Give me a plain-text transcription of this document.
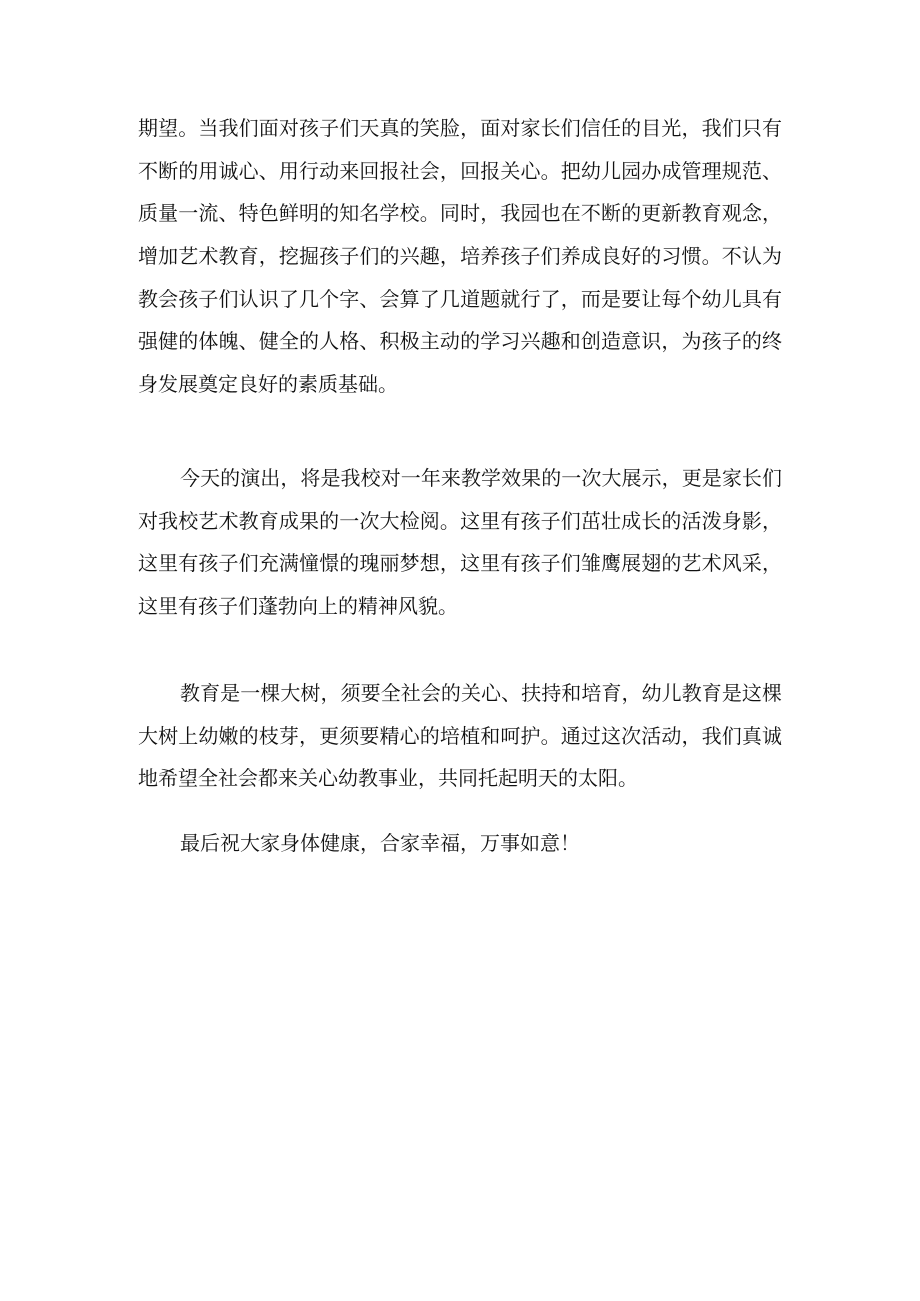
期望。当我们面对孩子们天真的笑脸，面对家长们信任的目光，我们只有
不断的用诚心、用行动来回报社会，回报关心。把幼儿园办成管理规范、
质量一流、特色鲜明的知名学校。同时，我园也在不断的更新教育观念，
增加艺术教育，挖掘孩子们的兴趣，培养孩子们养成良好的习惯。不认为
教会孩子们认识了几个字、会算了几道题就行了，而是要让每个幼儿具有
强健的体魄、健全的人格、积极主动的学习兴趣和创造意识，为孩子的终
身发展奠定良好的素质基础。
今天的演出，将是我校对一年来教学效果的一次大展示，更是家长们
对我校艺术教育成果的一次大检阅。这里有孩子们茁壮成长的活泼身影，
这里有孩子们充满憧憬的瑰丽梦想，这里有孩子们雏鹰展翅的艺术风采，
这里有孩子们蓬勃向上的精神风貌。
教育是一棵大树，须要全社会的关心、扶持和培育，幼儿教育是这棵
大树上幼嫩的枝芽，更须要精心的培植和呵护。通过这次活动，我们真诚
地希望全社会都来关心幼教事业，共同托起明天的太阳。
最后祝大家身体健康，合家幸福，万事如意！
